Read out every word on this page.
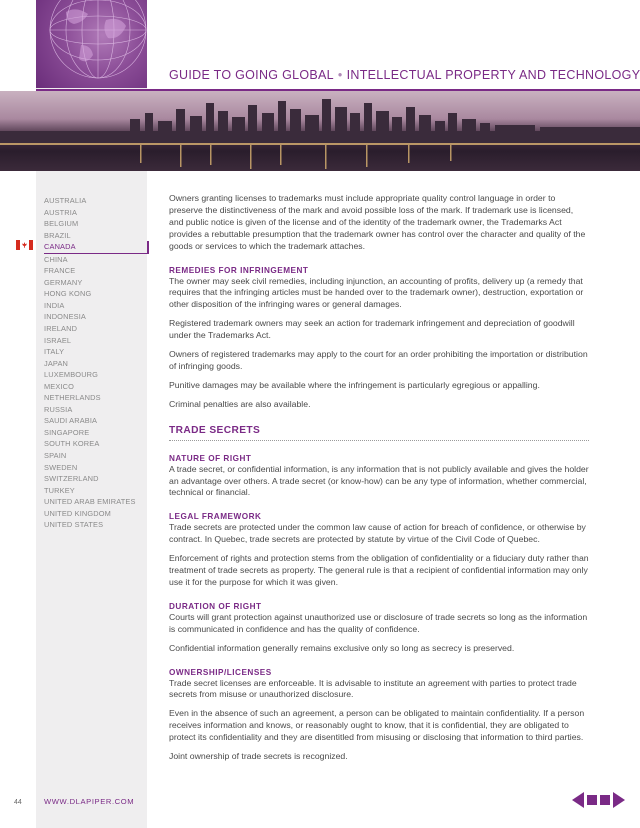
GUIDE TO GOING GLOBAL • INTELLECTUAL PROPERTY AND TECHNOLOGY
AUSTRALIA
AUSTRIA
BELGIUM
BRAZIL
CANADA
CHINA
FRANCE
GERMANY
HONG KONG
INDIA
INDONESIA
IRELAND
ISRAEL
ITALY
JAPAN
LUXEMBOURG
MEXICO
NETHERLANDS
RUSSIA
SAUDI ARABIA
SINGAPORE
SOUTH KOREA
SPAIN
SWEDEN
SWITZERLAND
TURKEY
UNITED ARAB EMIRATES
UNITED KINGDOM
UNITED STATES

Owners granting licenses to trademarks must include appropriate quality control language in order to preserve the distinctiveness of the mark and avoid possible loss of the mark. If trademark use is licensed, and public notice is given of the license and of the identity of the trademark owner, the Trademarks Act provides a rebuttable presumption that the trademark owner has control over the character and quality of the goods or services to which the trademark attaches.

REMEDIES FOR INFRINGEMENT

The owner may seek civil remedies, including injunction, an accounting of profits, delivery up (a remedy that requires that the infringing articles must be handed over to the trademark owner), destruction, exportation or other disposition of the infringing wares or general damages.

Registered trademark owners may seek an action for trademark infringement and depreciation of goodwill under the Trademarks Act.

Owners of registered trademarks may apply to the court for an order prohibiting the importation or distribution of infringing goods.

Punitive damages may be available where the infringement is particularly egregious or appalling.

Criminal penalties are also available.

TRADE SECRETS
NATURE OF RIGHT

A trade secret, or confidential information, is any information that is not publicly available and gives the holder an advantage over others. A trade secret (or know-how) can be any type of information, whether commercial, technical or financial.

LEGAL FRAMEWORK

Trade secrets are protected under the common law cause of action for breach of confidence, or otherwise by contract. In Quebec, trade secrets are protected by statute by virtue of the Civil Code of Quebec.

Enforcement of rights and protection stems from the obligation of confidentiality or a fiduciary duty rather than treatment of trade secrets as property. The general rule is that a recipient of confidential information may only use it for the purpose for which it was given.

DURATION OF RIGHT

Courts will grant protection against unauthorized use or disclosure of trade secrets so long as the information is communicated in confidence and has the quality of confidence.

Confidential information generally remains exclusive only so long as secrecy is preserved.

OWNERSHIP/LICENSES

Trade secret licenses are enforceable. It is advisable to institute an agreement with parties to protect trade secrets from misuse or unauthorized disclosure.

Even in the absence of such an agreement, a person can be obligated to maintain confidentiality. If a person receives information and knows, or reasonably ought to know, that it is confidential, they are obligated to protect its confidentiality and they are disentitled from misusing or disclosing that information to third parties.

Joint ownership of trade secrets is recognized.

44	WWW.DLAPIPER.COM
